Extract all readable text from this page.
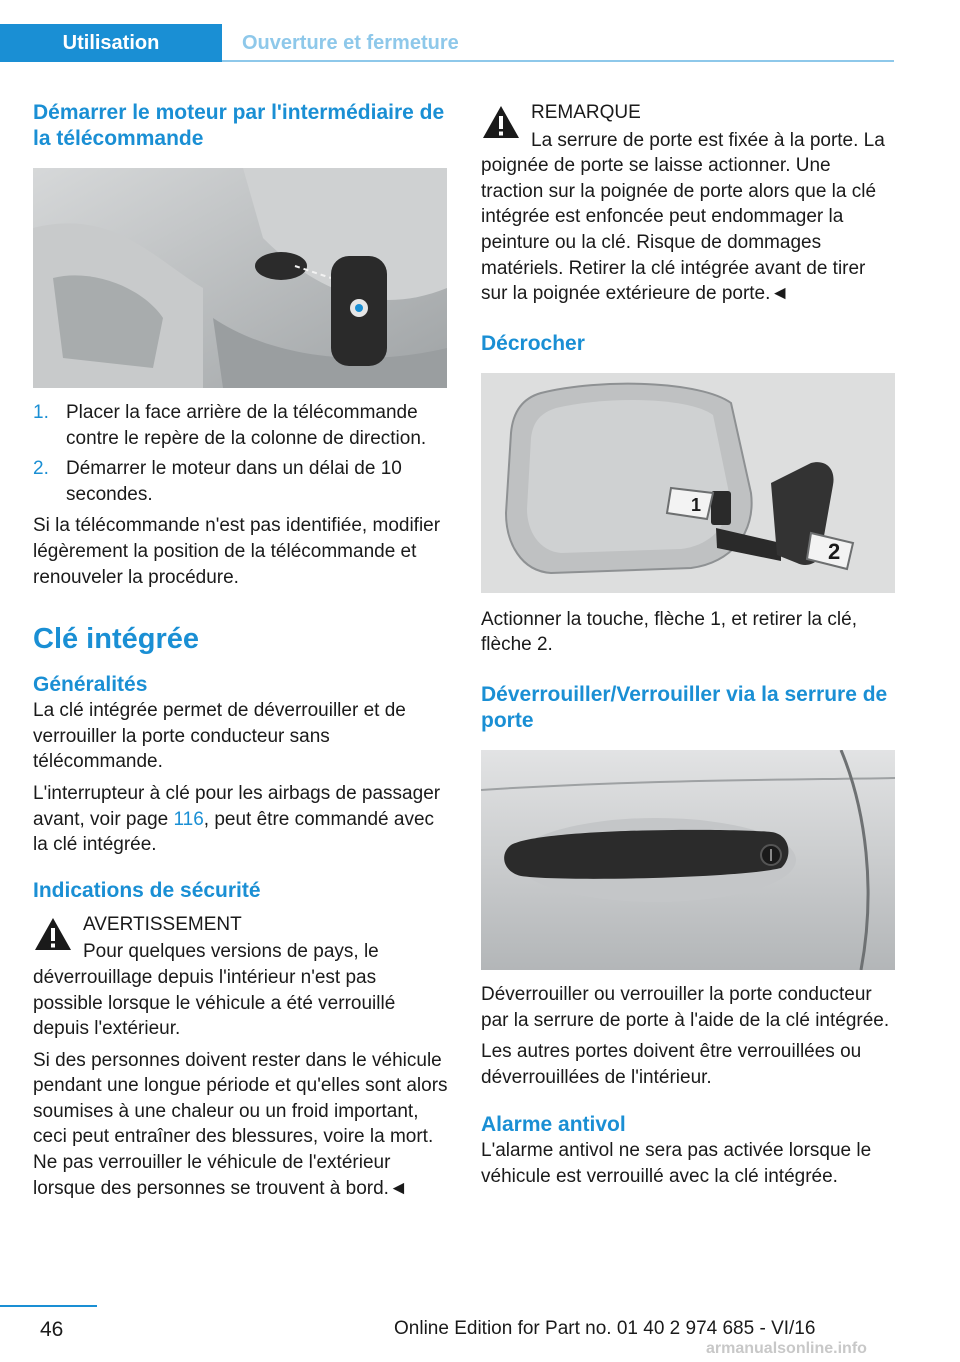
Utilisation	Ouverture et fermeture
Démarrer le moteur par l'intermédiaire de la télécommande
1. Placer la face arrière de la télécommande contre le repère de la colonne de direction.
2. Démarrer le moteur dans un délai de 10 secondes.

Si la télécommande n'est pas identifiée, modifier légèrement la position de la télécommande et renouveler la procédure.

Clé intégrée
Généralités

La clé intégrée permet de déverrouiller et de verrouiller la porte conducteur sans télécommande.

L'interrupteur à clé pour les airbags de passager avant, voir page 116, peut être commandé avec la clé intégrée.

Indications de sécurité
AVERTISSEMENT

Pour quelques versions de pays, le déverrouillage depuis l'intérieur n'est pas possible lorsque le véhicule a été verrouillé depuis l'extérieur.

Si des personnes doivent rester dans le véhicule pendant une longue période et qu'elles sont alors soumises à une chaleur ou un froid important, ceci peut entraîner des blessures, voire la mort. Ne pas verrouiller le véhicule de l'extérieur lorsque des personnes se trouvent à bord.◄

REMARQUE

La serrure de porte est fixée à la porte. La poignée de porte se laisse actionner. Une traction sur la poignée de porte alors que la clé intégrée est enfoncée peut endommager la peinture ou la clé. Risque de dommages matériels. Retirer la clé intégrée avant de tirer sur la poignée extérieure de porte.◄

Décrocher
1
2

Actionner la touche, flèche 1, et retirer la clé, flèche 2.

Déverrouiller/Verrouiller via la serrure de porte

Déverrouiller ou verrouiller la porte conducteur par la serrure de porte à l'aide de la clé intégrée.

Les autres portes doivent être verrouillées ou déverrouillées de l'intérieur.

Alarme antivol

L'alarme antivol ne sera pas activée lorsque le véhicule est verrouillé avec la clé intégrée.

46	Online Edition for Part no. 01 40 2 974 685 - VI/16
armanualsonline.info
